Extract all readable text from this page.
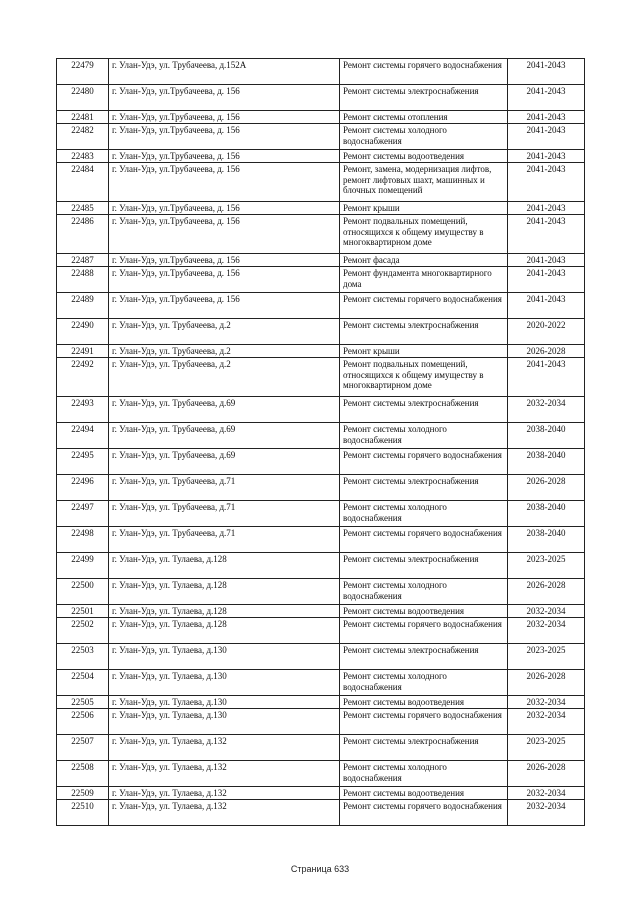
22479	г. Улан-Удэ, ул. Трубачеева, д.152А	Ремонт системы горячего водоснабжения	2041-2043
22480	г. Улан-Удэ, ул.Трубачеева, д. 156	Ремонт системы электроснабжения	2041-2043
22481	г. Улан-Удэ, ул.Трубачеева, д. 156	Ремонт системы отопления	2041-2043
22482	г. Улан-Удэ, ул.Трубачеева, д. 156	Ремонт системы холодного водоснабжения	2041-2043
22483	г. Улан-Удэ, ул.Трубачеева, д. 156	Ремонт системы водоотведения	2041-2043
22484	г. Улан-Удэ, ул.Трубачеева, д. 156	Ремонт, замена, модернизация лифтов, ремонт лифтовых шахт, машинных и блочных помещений	2041-2043
22485	г. Улан-Удэ, ул.Трубачеева, д. 156	Ремонт крыши	2041-2043
22486	г. Улан-Удэ, ул.Трубачеева, д. 156	Ремонт подвальных помещений, относящихся к общему имуществу в многоквартирном доме	2041-2043
22487	г. Улан-Удэ, ул.Трубачеева, д. 156	Ремонт фасада	2041-2043
22488	г. Улан-Удэ, ул.Трубачеева, д. 156	Ремонт фундамента многоквартирного дома	2041-2043
22489	г. Улан-Удэ, ул.Трубачеева, д. 156	Ремонт системы горячего водоснабжения	2041-2043
22490	г. Улан-Удэ, ул. Трубачеева, д.2	Ремонт системы электроснабжения	2020-2022
22491	г. Улан-Удэ, ул. Трубачеева, д.2	Ремонт крыши	2026-2028
22492	г. Улан-Удэ, ул. Трубачеева, д.2	Ремонт подвальных помещений, относящихся к общему имуществу в многоквартирном доме	2041-2043
22493	г. Улан-Удэ, ул. Трубачеева, д.69	Ремонт системы электроснабжения	2032-2034
22494	г. Улан-Удэ, ул. Трубачеева, д.69	Ремонт системы холодного водоснабжения	2038-2040
22495	г. Улан-Удэ, ул. Трубачеева, д.69	Ремонт системы горячего водоснабжения	2038-2040
22496	г. Улан-Удэ, ул. Трубачеева, д.71	Ремонт системы электроснабжения	2026-2028
22497	г. Улан-Удэ, ул. Трубачеева, д.71	Ремонт системы холодного водоснабжения	2038-2040
22498	г. Улан-Удэ, ул. Трубачеева, д.71	Ремонт системы горячего водоснабжения	2038-2040
22499	г. Улан-Удэ, ул. Тулаева, д.128	Ремонт системы электроснабжения	2023-2025
22500	г. Улан-Удэ, ул. Тулаева, д.128	Ремонт системы холодного водоснабжения	2026-2028
22501	г. Улан-Удэ, ул. Тулаева, д.128	Ремонт системы водоотведения	2032-2034
22502	г. Улан-Удэ, ул. Тулаева, д.128	Ремонт системы горячего водоснабжения	2032-2034
22503	г. Улан-Удэ, ул. Тулаева, д.130	Ремонт системы электроснабжения	2023-2025
22504	г. Улан-Удэ, ул. Тулаева, д.130	Ремонт системы холодного водоснабжения	2026-2028
22505	г. Улан-Удэ, ул. Тулаева, д.130	Ремонт системы водоотведения	2032-2034
22506	г. Улан-Удэ, ул. Тулаева, д.130	Ремонт системы горячего водоснабжения	2032-2034
22507	г. Улан-Удэ, ул. Тулаева, д.132	Ремонт системы электроснабжения	2023-2025
22508	г. Улан-Удэ, ул. Тулаева, д.132	Ремонт системы холодного водоснабжения	2026-2028
22509	г. Улан-Удэ, ул. Тулаева, д.132	Ремонт системы водоотведения	2032-2034
22510	г. Улан-Удэ, ул. Тулаева, д.132	Ремонт системы горячего водоснабжения	2032-2034
Страница 633
